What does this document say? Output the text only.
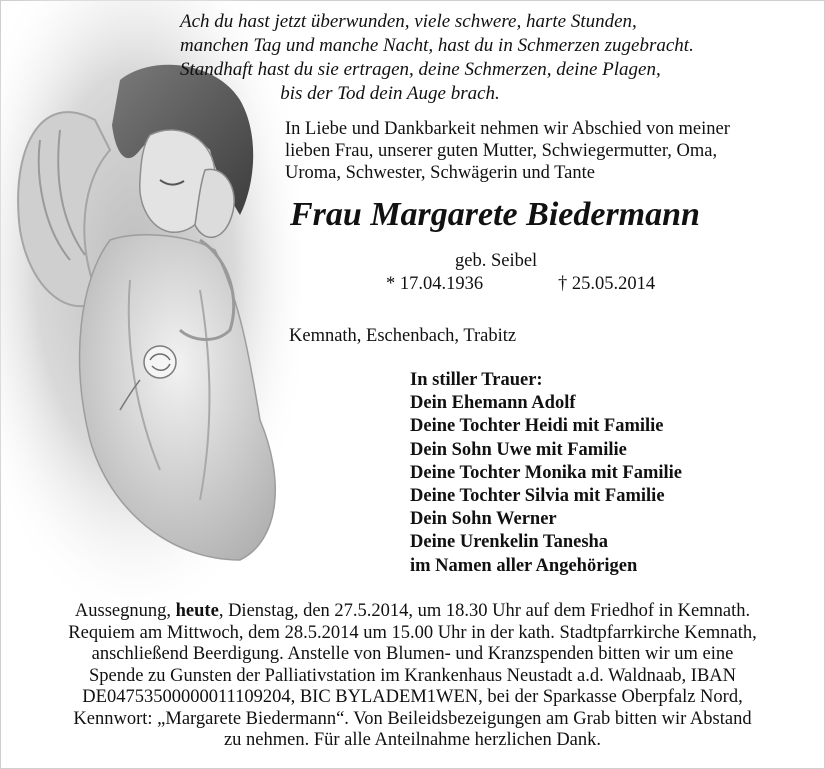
Ach du hast jetzt überwunden, viele schwere, harte Stunden,
manchen Tag und manche Nacht, hast du in Schmerzen zugebracht.
Standhaft hast du sie ertragen, deine Schmerzen, deine Plagen,
bis der Tod dein Auge brach.
In Liebe und Dankbarkeit nehmen wir Abschied von meiner
lieben Frau, unserer guten Mutter, Schwiegermutter, Oma,
Uroma, Schwester, Schwägerin und Tante
Frau Margarete Biedermann
geb. Seibel
* 17.04.1936	† 25.05.2014
Kemnath, Eschenbach, Trabitz
In stiller Trauer:
Dein Ehemann Adolf
Deine Tochter Heidi mit Familie
Dein Sohn Uwe mit Familie
Deine Tochter Monika mit Familie
Deine Tochter Silvia mit Familie
Dein Sohn Werner
Deine Urenkelin Tanesha
im Namen aller Angehörigen
Aussegnung, heute, Dienstag, den 27.5.2014, um 18.30 Uhr auf dem Friedhof in Kemnath.
Requiem am Mittwoch, dem 28.5.2014 um 15.00 Uhr in der kath. Stadtpfarrkirche Kemnath,
anschließend Beerdigung. Anstelle von Blumen- und Kranzspenden bitten wir um eine
Spende zu Gunsten der Palliativstation im Krankenhaus Neustadt a.d. Waldnaab, IBAN
DE04753500000011109204, BIC BYLADEM1WEN, bei der Sparkasse Oberpfalz Nord,
Kennwort: „Margarete Biedermann“. Von Beileidsbezeigungen am Grab bitten wir Abstand
zu nehmen. Für alle Anteilnahme herzlichen Dank.
